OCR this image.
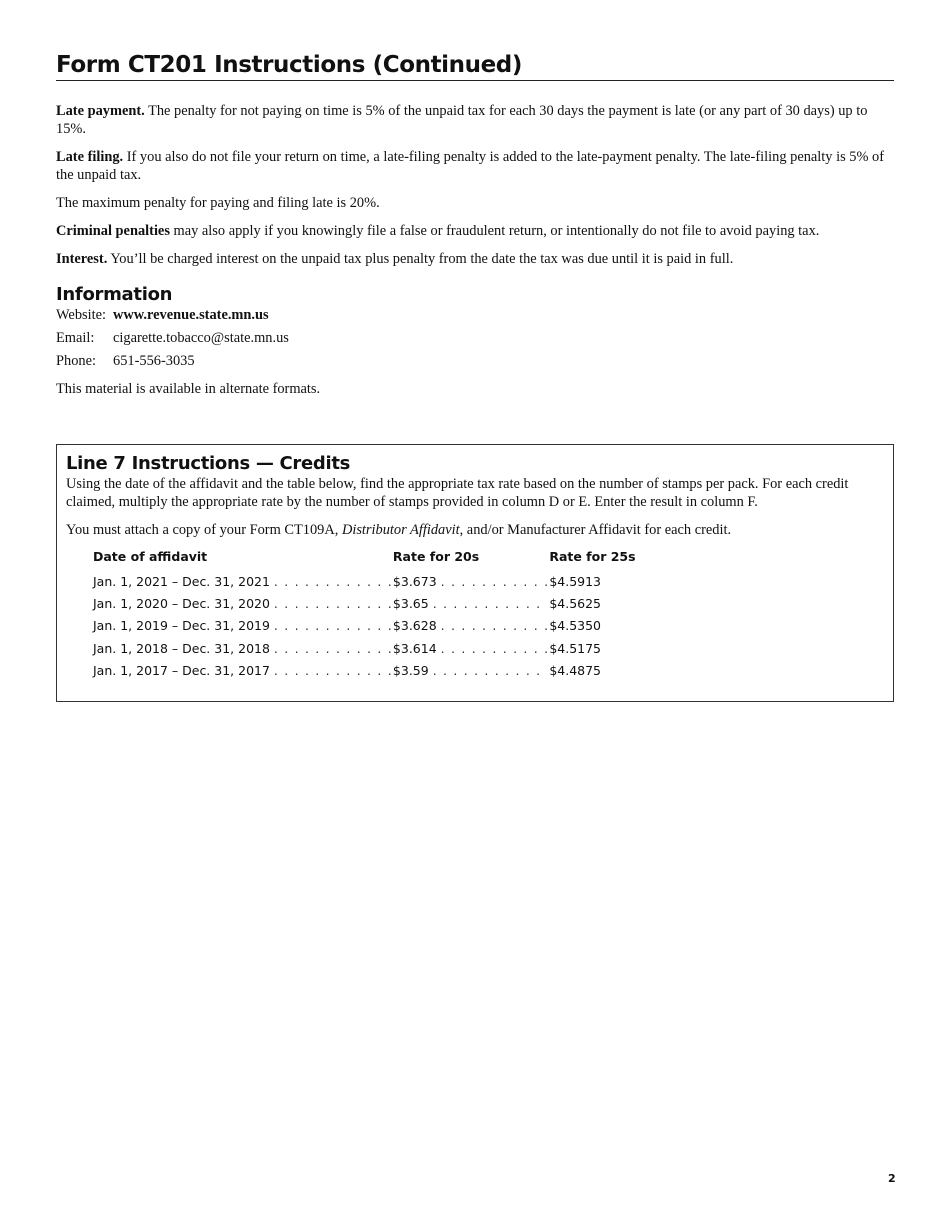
Form CT201 Instructions (Continued)

Late payment. The penalty for not paying on time is 5% of the unpaid tax for each 30 days the payment is late (or any part of 30 days) up to 15%.

Late filing. If you also do not file your return on time, a late-filing penalty is added to the late-payment penalty. The late-filing penalty is 5% of the unpaid tax.

The maximum penalty for paying and filing late is 20%.

Criminal penalties may also apply if you knowingly file a false or fraudulent return, or intentionally do not file to avoid paying tax.

Interest. You’ll be charged interest on the unpaid tax plus penalty from the date the tax was due until it is paid in full.

Information
Website: www.revenue.state.mn.us
Email:	cigarette.tobacco@state.mn.us
Phone:	651-556-3035

This material is available in alternate formats.

Line 7 Instructions — Credits

Using the date of the affidavit and the table below, find the appropriate tax rate based on the number of stamps per pack. For each credit claimed, multiply the appropriate rate by the number of stamps provided in column D or E. Enter the result in column F.

You must attach a copy of your Form CT109A, Distributor Affidavit, and/or Manufacturer Affidavit for each credit.

Date of affidavit	Rate for 20s	Rate for 25s
Jan. 1, 2021 – Dec. 31, 2021 . . . . . . . . . . . .	$3.673 . . . . . . . . . . .	$4.5913
Jan. 1, 2020 – Dec. 31, 2020 . . . . . . . . . . . .	$3.65 . . . . . . . . . . .	$4.5625
Jan. 1, 2019 – Dec. 31, 2019 . . . . . . . . . . . .	$3.628 . . . . . . . . . . .	$4.5350
Jan. 1, 2018 – Dec. 31, 2018 . . . . . . . . . . . .	$3.614 . . . . . . . . . . .	$4.5175
Jan. 1, 2017 – Dec. 31, 2017 . . . . . . . . . . . .	$3.59 . . . . . . . . . . .	$4.4875
2
